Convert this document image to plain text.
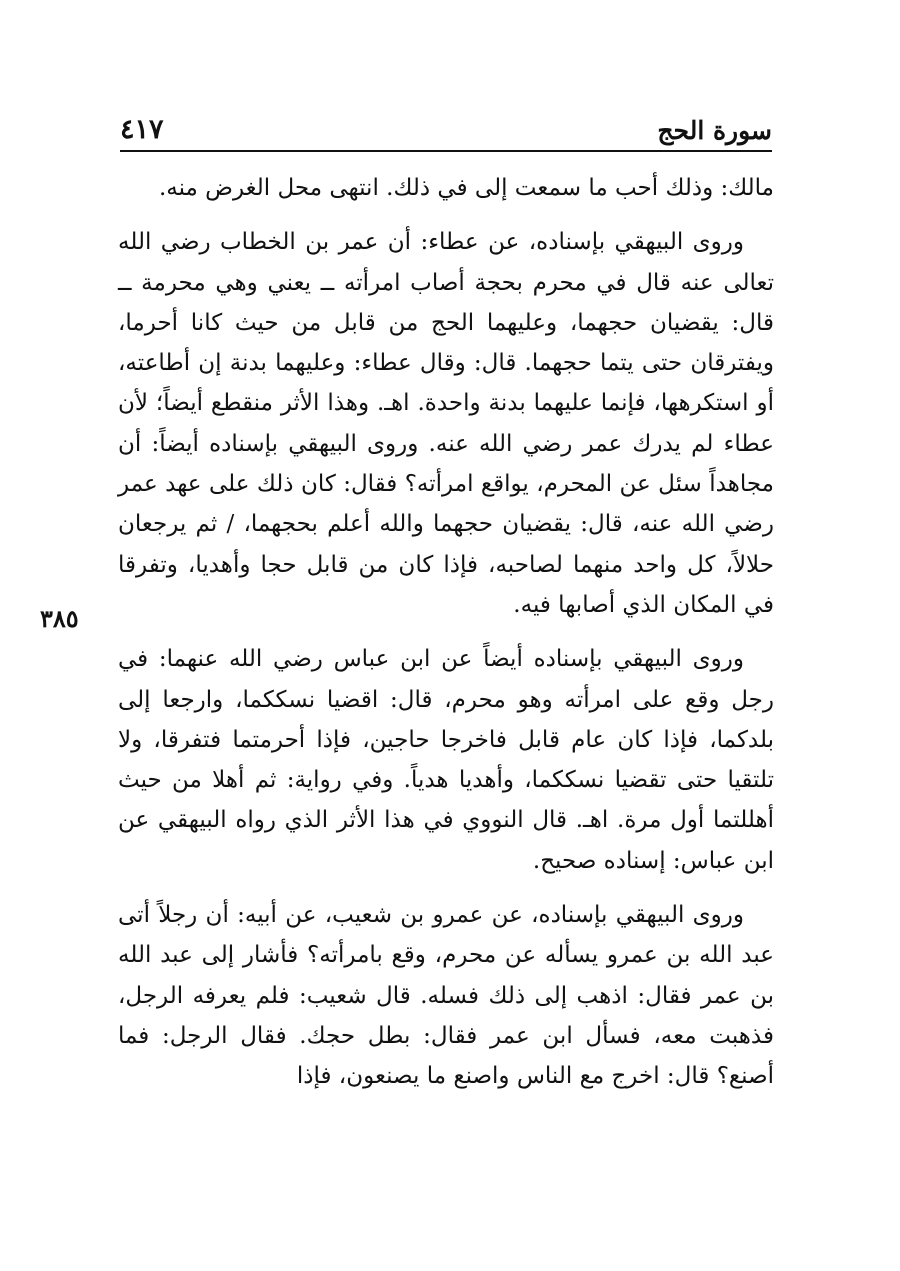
٤١٧	سورة الحج
٣٨٥

مالك: وذلك أحب ما سمعت إلى في ذلك. انتهى محل الغرض منه.

وروى البيهقي بإسناده، عن عطاء: أن عمر بن الخطاب رضي الله تعالى عنه قال في محرم بحجة أصاب امرأته ــ يعني وهي محرمة ــ قال: يقضيان حجهما، وعليهما الحج من قابل من حيث كانا أحرما، ويفترقان حتى يتما حجهما. قال: وقال عطاء: وعليهما بدنة إن أطاعته، أو استكرهها، فإنما عليهما بدنة واحدة. اهـ. وهذا الأثر منقطع أيضاً؛ لأن عطاء لم يدرك عمر رضي الله عنه. وروى البيهقي بإسناده أيضاً: أن مجاهداً سئل عن المحرم، يواقع امرأته؟ فقال: كان ذلك على عهد عمر رضي الله عنه، قال: يقضيان حجهما والله أعلم بحجهما، / ثم يرجعان حلالاً، كل واحد منهما لصاحبه، فإذا كان من قابل حجا وأهديا، وتفرقا في المكان الذي أصابها فيه.

وروى البيهقي بإسناده أيضاً عن ابن عباس رضي الله عنهما: في رجل وقع على امرأته وهو محرم، قال: اقضيا نسككما، وارجعا إلى بلدكما، فإذا كان عام قابل فاخرجا حاجين، فإذا أحرمتما فتفرقا، ولا تلتقيا حتى تقضيا نسككما، وأهديا هدياً. وفي رواية: ثم أهلا من حيث أهللتما أول مرة. اهـ. قال النووي في هذا الأثر الذي رواه البيهقي عن ابن عباس: إسناده صحيح.

وروى البيهقي بإسناده، عن عمرو بن شعيب، عن أبيه: أن رجلاً أتى عبد الله بن عمرو يسأله عن محرم، وقع بامرأته؟ فأشار إلى عبد الله بن عمر فقال: اذهب إلى ذلك فسله. قال شعيب: فلم يعرفه الرجل، فذهبت معه، فسأل ابن عمر فقال: بطل حجك. فقال الرجل: فما أصنع؟ قال: اخرج مع الناس واصنع ما يصنعون، فإذا
